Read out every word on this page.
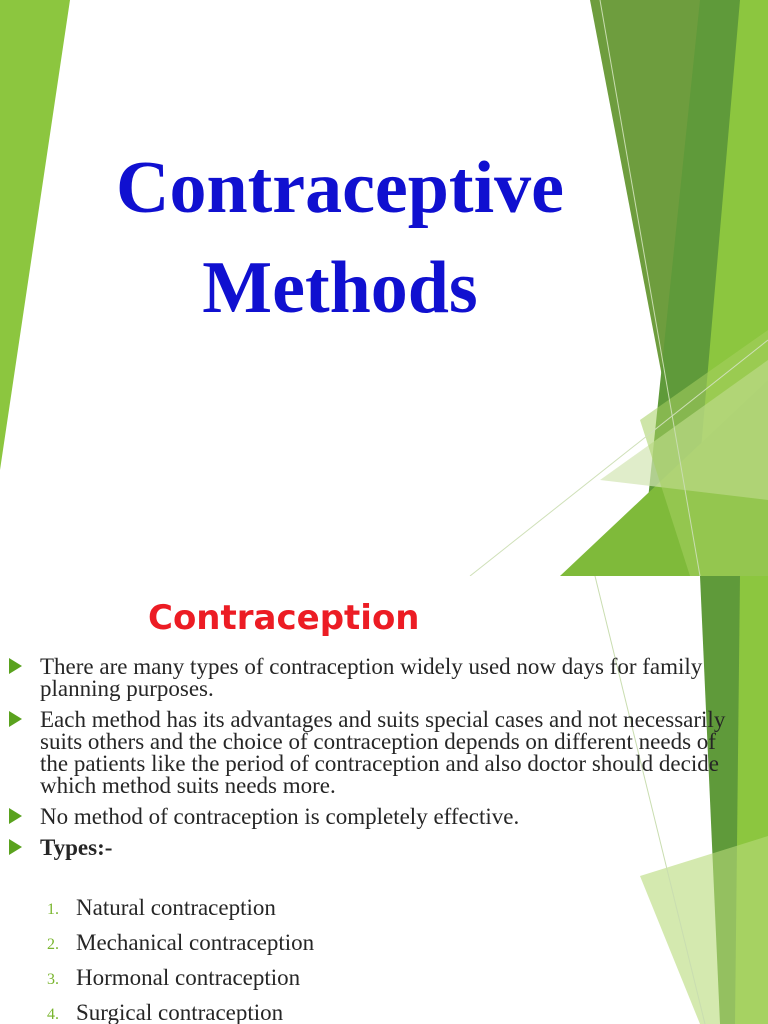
Contraceptive
Methods
Contraception
There are many types of contraception widely used now days for family planning purposes.
Each method has its advantages and suits special cases and not necessarily suits others and the choice of contraception depends on different needs of the patients like the period of contraception and also doctor should decide which method suits needs more.
No method of contraception is completely effective.
Types:-
1. Natural contraception
2. Mechanical contraception
3. Hormonal contraception
4. Surgical contraception
